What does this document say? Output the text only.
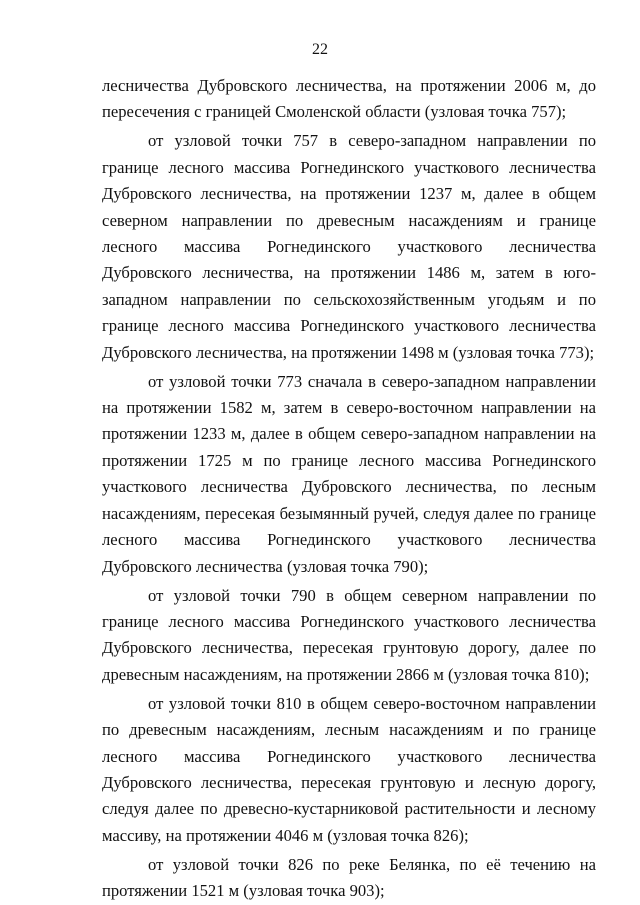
22

лесничества Дубровского лесничества, на протяжении 2006 м, до пересечения с границей Смоленской области (узловая точка 757);

от узловой точки 757 в северо-западном направлении по границе лесного массива Рогнединского участкового лесничества Дубровского лесничества, на протяжении 1237 м, далее в общем северном направлении по древесным насаждениям и границе лесного массива Рогнединского участкового лесничества Дубровского лесничества, на протяжении 1486 м, затем в юго-западном направлении по сельскохозяйственным угодьям и по границе лесного массива Рогнединского участкового лесничества Дубровского лесничества, на протяжении 1498 м (узловая точка 773);

от узловой точки 773 сначала в северо-западном направлении на протяжении 1582 м, затем в северо-восточном направлении на протяжении 1233 м, далее в общем северо-западном направлении на протяжении 1725 м по границе лесного массива Рогнединского участкового лесничества Дубровского лесничества, по лесным насаждениям, пересекая безымянный ручей, следуя далее по границе лесного массива Рогнединского участкового лесничества Дубровского лесничества (узловая точка 790);

от узловой точки 790 в общем северном направлении по границе лесного массива Рогнединского участкового лесничества Дубровского лесничества, пересекая грунтовую дорогу, далее по древесным насаждениям, на протяжении 2866 м (узловая точка 810);

от узловой точки 810 в общем северо-восточном направлении по древесным насаждениям, лесным насаждениям и по границе лесного массива Рогнединского участкового лесничества Дубровского лесничества, пересекая грунтовую и лесную дорогу, следуя далее по древесно-кустарниковой растительности и лесному массиву, на протяжении 4046 м (узловая точка 826);

от узловой точки 826 по реке Белянка, по её течению на протяжении 1521 м (узловая точка 903);
